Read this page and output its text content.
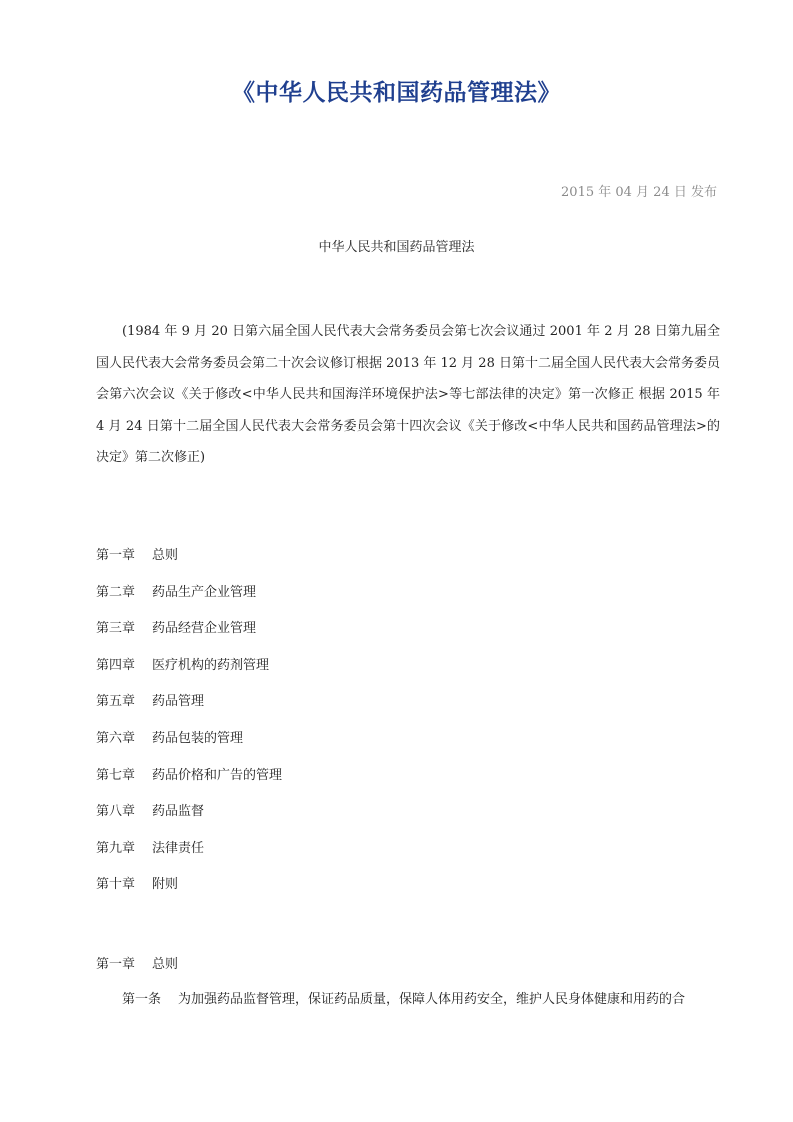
《中华人民共和国药品管理法》
2015 年 04 月 24 日 发布
中华人民共和国药品管理法

(1984 年 9 月 20 日第六届全国人民代表大会常务委员会第七次会议通过 2001 年 2 月 28 日第九届全国人民代表大会常务委员会第二十次会议修订根据 2013 年 12 月 28 日第十二届全国人民代表大会常务委员会第六次会议《关于修改<中华人民共和国海洋环境保护法>等七部法律的决定》第一次修正 根据 2015 年 4 月 24 日第十二届全国人民代表大会常务委员会第十四次会议《关于修改<中华人民共和国药品管理法>的决定》第二次修正)

第一章 总则
第二章 药品生产企业管理
第三章 药品经营企业管理
第四章 医疗机构的药剂管理
第五章 药品管理
第六章 药品包装的管理
第七章 药品价格和广告的管理
第八章 药品监督
第九章 法律责任
第十章 附则
第一章 总则

第一条 为加强药品监督管理，保证药品质量，保障人体用药安全，维护人民身体健康和用药的合
